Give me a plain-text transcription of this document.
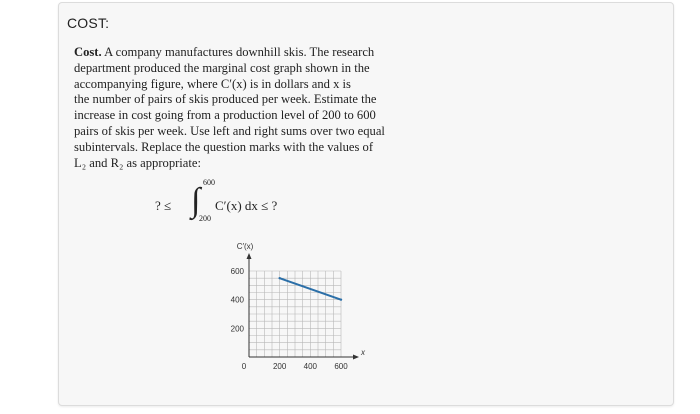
COST:
Cost. A company manufactures downhill skis. The research
department produced the marginal cost graph shown in the
accompanying figure, where C′(x) is in dollars and x is
the number of pairs of skis produced per week. Estimate the
increase in cost going from a production level of 200 to 600
pairs of skis per week. Use left and right sums over two equal
subintervals. Replace the question marks with the values of
L₂ and R₂ as appropriate:
? ≤ ∫ 600
200
C′(x) dx ≤ ?
C′(x)
x
0	200 400 600
200
400
600
